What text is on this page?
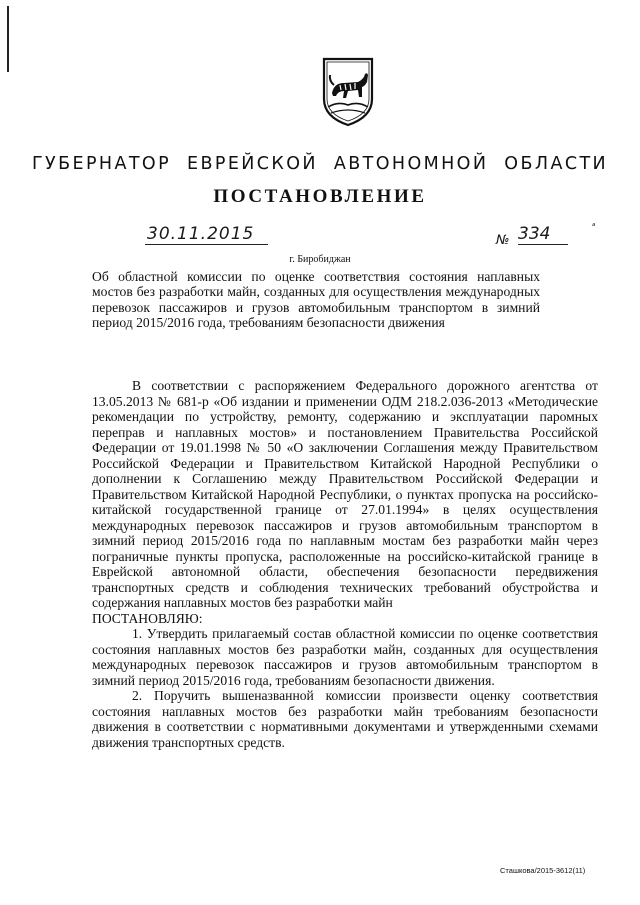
ГУБЕРНАТОР ЕВРЕЙСКОЙ АВТОНОМНОЙ ОБЛАСТИ
ПОСТАНОВЛЕНИЕ
30.11.2015	№ 334	ᵃ
г. Биробиджан
Об областной комиссии по оценке соответствия состояния наплавных мостов без разработки майн, созданных для осуществления международных перевозок пассажиров и грузов автомобильным транспортом в зимний период 2015/2016 года, требованиям безопасности движения

В соответствии с распоряжением Федерального дорожного агентства от 13.05.2013 № 681-р «Об издании и применении ОДМ 218.2.036-2013 «Методические рекомендации по устройству, ремонту, содержанию и эксплуатации паромных переправ и наплавных мостов» и постановлением Правительства Российской Федерации от 19.01.1998 № 50 «О заключении Соглашения между Правительством Российской Федерации и Правительством Китайской Народной Республики о дополнении к Соглашению между Правительством Российской Федерации и Правительством Китайской Народной Республики, о пунктах пропуска на российско-китайской государственной границе от 27.01.1994» в целях осуществления международных перевозок пассажиров и грузов автомобильным транспортом в зимний период 2015/2016 года по наплавным мостам без разработки майн через пограничные пункты пропуска, расположенные на российско-китайской границе в Еврейской автономной области, обеспечения безопасности передвижения транспортных средств и соблюдения технических требований обустройства и содержания наплавных мостов без разработки майн

ПОСТАНОВЛЯЮ:

1. Утвердить прилагаемый состав областной комиссии по оценке соответствия состояния наплавных мостов без разработки майн, созданных для осуществления международных перевозок пассажиров и грузов автомобильным транспортом в зимний период 2015/2016 года, требованиям безопасности движения.

2. Поручить вышеназванной комиссии произвести оценку соответствия состояния наплавных мостов без разработки майн требованиям безопасности движения в соответствии с нормативными документами и утвержденными схемами движения транспортных средств.

Сташкова/2015-3612(11)
